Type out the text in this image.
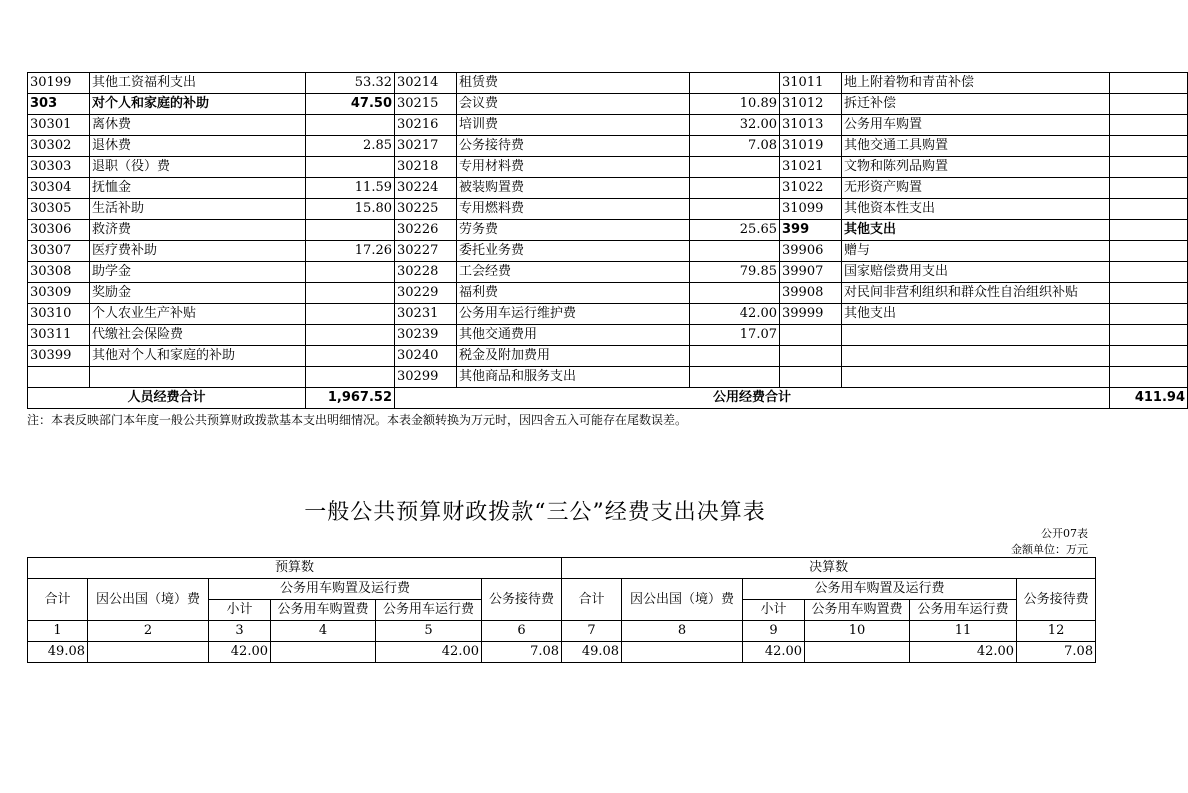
30199	其他工资福利支出	53.32	30214	租赁费		31011	地上附着物和青苗补偿	
303	对个人和家庭的补助	47.50	30215	会议费	10.89	31012	拆迁补偿	
30301	离休费		30216	培训费	32.00	31013	公务用车购置	
30302	退休费	2.85	30217	公务接待费	7.08	31019	其他交通工具购置	
30303	退职（役）费		30218	专用材料费		31021	文物和陈列品购置	
30304	抚恤金	11.59	30224	被装购置费		31022	无形资产购置	
30305	生活补助	15.80	30225	专用燃料费		31099	其他资本性支出	
30306	救济费		30226	劳务费	25.65	399	其他支出	
30307	医疗费补助	17.26	30227	委托业务费		39906	赠与	
30308	助学金		30228	工会经费	79.85	39907	国家赔偿费用支出	
30309	奖励金		30229	福利费		39908	对民间非营利组织和群众性自治组织补贴	
30310	个人农业生产补贴		30231	公务用车运行维护费	42.00	39999	其他支出	
30311	代缴社会保险费		30239	其他交通费用	17.07			
30399	其他对个人和家庭的补助		30240	税金及附加费用				
			30299	其他商品和服务支出				
人员经费合计		1,967.52	公用经费合计					411.94
注：本表反映部门本年度一般公共预算财政拨款基本支出明细情况。本表金额转换为万元时，因四舍五入可能存在尾数误差。
一般公共预算财政拨款“三公”经费支出决算表
公开07表
金额单位：万元
预算数						决算数					
合计	因公出国（境）费	公务用车购置及运行费			公务接待费	合计	因公出国（境）费	公务用车购置及运行费			公务接待费
		小计	公务用车购置费	公务用车运行费				小计	公务用车购置费	公务用车运行费	
1	2	3	4	5	6	7	8	9	10	11	12
49.08		42.00		42.00	7.08	49.08		42.00		42.00	7.08
